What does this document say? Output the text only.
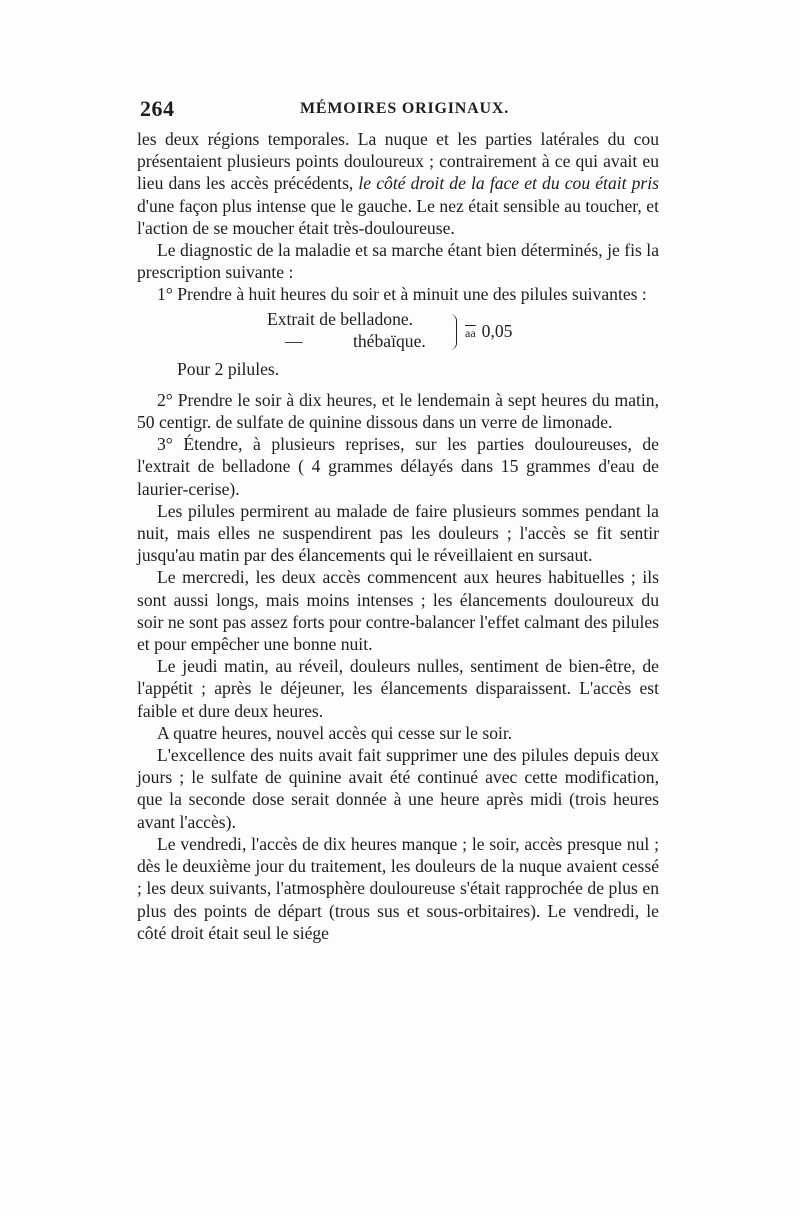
264	MÉMOIRES ORIGINAUX.

les deux régions temporales. La nuque et les parties latérales du cou présentaient plusieurs points douloureux ; contrairement à ce qui avait eu lieu dans les accès précédents, le côté droit de la face et du cou était pris d'une façon plus intense que le gauche. Le nez était sensible au toucher, et l'action de se moucher était très-douloureuse.

Le diagnostic de la maladie et sa marche étant bien déterminés, je fis la prescription suivante :

1° Prendre à huit heures du soir et à minuit une des pilules suivantes :

Extrait de belladone.
—	thébaïque.	$\overline{aa}$ 0,05

Pour 2 pilules.

2° Prendre le soir à dix heures, et le lendemain à sept heures du matin, 50 centigr. de sulfate de quinine dissous dans un verre de limonade.

3° Étendre, à plusieurs reprises, sur les parties douloureuses, de l'extrait de belladone ( 4 grammes délayés dans 15 grammes d'eau de laurier-cerise).

Les pilules permirent au malade de faire plusieurs sommes pendant la nuit, mais elles ne suspendirent pas les douleurs ; l'accès se fit sentir jusqu'au matin par des élancements qui le réveillaient en sursaut.

Le mercredi, les deux accès commencent aux heures habituelles ; ils sont aussi longs, mais moins intenses ; les élancements douloureux du soir ne sont pas assez forts pour contre-balancer l'effet calmant des pilules et pour empêcher une bonne nuit.

Le jeudi matin, au réveil, douleurs nulles, sentiment de bien-être, de l'appétit ; après le déjeuner, les élancements disparaissent. L'accès est faible et dure deux heures.

A quatre heures, nouvel accès qui cesse sur le soir.

L'excellence des nuits avait fait supprimer une des pilules depuis deux jours ; le sulfate de quinine avait été continué avec cette modification, que la seconde dose serait donnée à une heure après midi (trois heures avant l'accès).

Le vendredi, l'accès de dix heures manque ; le soir, accès presque nul ; dès le deuxième jour du traitement, les douleurs de la nuque avaient cessé ; les deux suivants, l'atmosphère douloureuse s'était rapprochée de plus en plus des points de départ (trous sus et sous-orbitaires). Le vendredi, le côté droit était seul le siége
